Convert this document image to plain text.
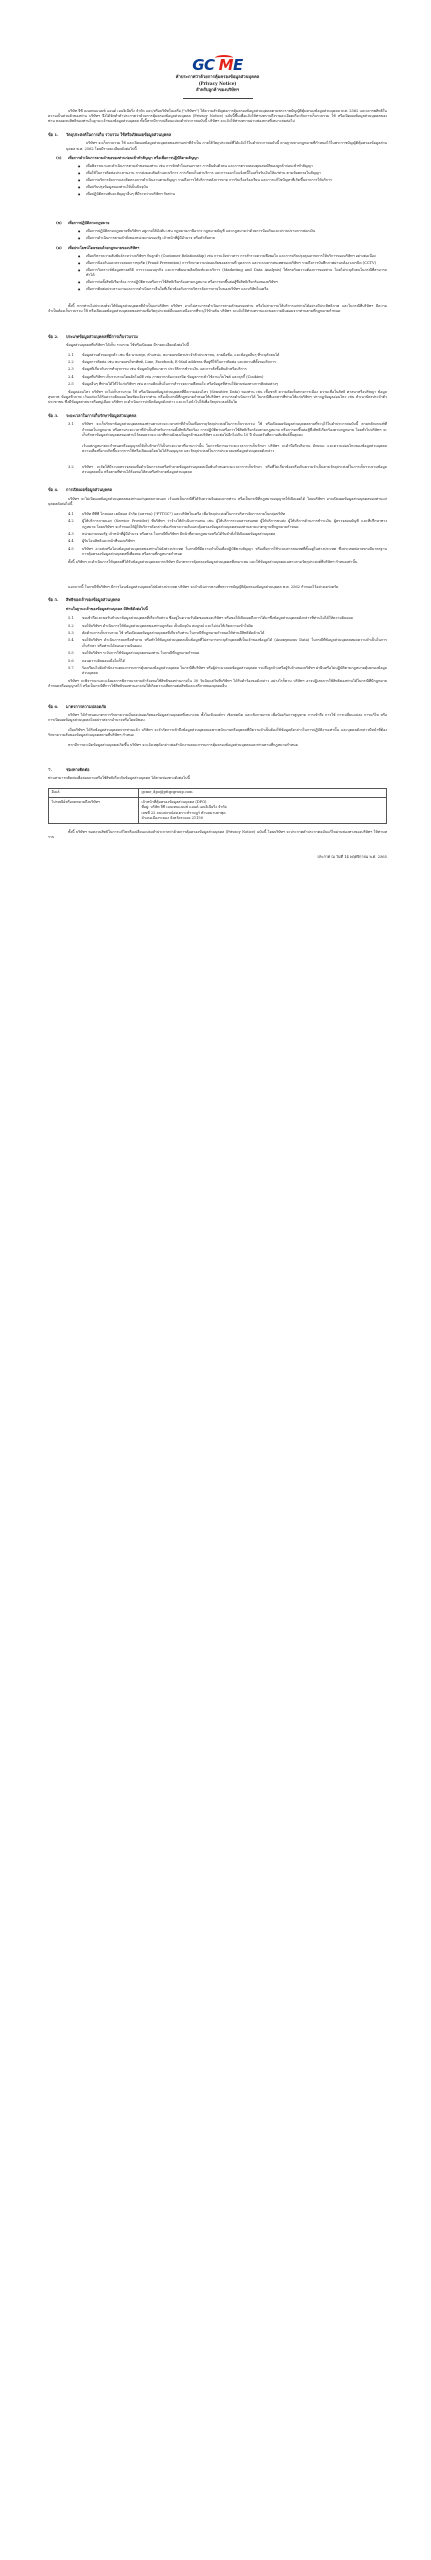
G C M E
คำประกาศว่าด้วยการคุ้มครองข้อมูลส่วนบุคคล
(Privacy Notice)
สำหรับลูกค้าของบริษัทฯ

บริษัท จีซี เมนเทนแนนซ์ แอนด์ เอนจิเนียริ่ง จำกัด และ/หรือบริษัทในเครือ ("บริษัทฯ") ให้ความสำคัญต่อการคุ้มครองข้อมูลส่วนบุคคลตามพระราชบัญญัติคุ้มครองข้อมูลส่วนบุคคล พ.ศ. 2562 และเคารพสิทธิในความเป็นส่วนตัวของท่าน บริษัทฯ จึงได้จัดทำคำประกาศว่าด้วยการคุ้มครองข้อมูลส่วนบุคคล (Privacy Notice) ฉบับนี้ขึ้นเพื่อแจ้งให้ท่านทราบถึงรายละเอียดเกี่ยวกับการเก็บรวบรวม ใช้ หรือเปิดเผยข้อมูลส่วนบุคคลของท่าน ตลอดจนสิทธิของท่านในฐานะเจ้าของข้อมูลส่วนบุคคล ทั้งนี้หากมีการเปลี่ยนแปลงคำประกาศฉบับนี้ บริษัทฯ จะแจ้งให้ท่านทราบผ่านช่องทางที่เหมาะสมต่อไป

ข้อ 1.	วัตถุประสงค์ในการเก็บ รวบรวม ใช้หรือเปิดเผยข้อมูลส่วนบุคคล

บริษัทฯ จะเก็บรวบรวม ใช้ และเปิดเผยข้อมูลส่วนบุคคลของท่านเท่าที่จำเป็น ภายใต้วัตถุประสงค์ที่ได้แจ้งไว้ในคำประกาศฉบับนี้ ตามฐานทางกฎหมายที่กำหนดไว้ในพระราชบัญญัติคุ้มครองข้อมูลส่วนบุคคล พ.ศ. 2562 โดยมีรายละเอียดดังต่อไปนี้

(ก)	เพื่อการดำเนินการตามคำขอของท่านก่อนเข้าทำสัญญา หรือเพื่อการปฏิบัติตามสัญญา
● เพื่อพิจารณาและดำเนินการตามคำขอของท่าน เช่น การจัดทำใบเสนอราคา การยืนยันตัวตน และการตรวจสอบคุณสมบัติของลูกค้าก่อนเข้าทำสัญญา
● เพื่อใช้ในการติดต่อประสานงาน การส่งมอบสินค้าและบริการ การเรียกเก็บค่าบริการ และการออกใบแจ้งหนี้ใบเสร็จรับเงินให้แก่ท่าน ตามข้อตกลงในสัญญา
● เพื่อการบริหารจัดการและติดตามการดำเนินงานตามสัญญา รวมถึงการให้บริการหลังการขาย การรับเรื่องร้องเรียน และการแก้ไขปัญหาที่เกิดขึ้นจากการให้บริการ
● เพื่อปรับปรุงข้อมูลของท่านให้เป็นปัจจุบัน
● เพื่อปฏิบัติตามพันธะสัญญาอื่นๆ ที่มีระหว่างบริษัทฯ กับท่าน
(ข)	เพื่อการปฏิบัติตามกฎหมาย
● เพื่อการปฏิบัติตามกฎหมายที่บริษัทฯ อยู่ภายใต้บังคับ เช่น กฎหมายภาษีอากร กฎหมายบัญชี และกฎหมายว่าด้วยการป้องกันและปราบปรามการฟอกเงิน
● เพื่อการดำเนินการตามคำสั่งของหน่วยงานของรัฐ เจ้าหน้าที่ผู้มีอำนาจ หรือคำสั่งศาล
(ค)	เพื่อประโยชน์โดยชอบด้วยกฎหมายของบริษัทฯ
● เพื่อบริหารความสัมพันธ์ระหว่างบริษัทฯ กับลูกค้า (Customer Relationship) เช่น การแจ้งข่าวสาร การสำรวจความพึงพอใจ และการปรับปรุงคุณภาพการให้บริการของบริษัทฯ อย่างต่อเนื่อง
● เพื่อการป้องกันและตรวจสอบการทุจริต (Fraud Prevention) การรักษาความปลอดภัยของสถานที่ บุคลากร และระบบสารสนเทศของบริษัทฯ รวมถึงการบันทึกภาพผ่านกล้องวงจรปิด (CCTV)
● เพื่อการวิเคราะห์ข้อมูลทางสถิติ การวางแผนธุรกิจ และการพัฒนาผลิตภัณฑ์และบริการ (Marketing and Data Analysis) ให้ตรงกับความต้องการของท่าน โดยไม่ระบุตัวตนในกรณีที่สามารถทำได้
● เพื่อการก่อตั้งสิทธิเรียกร้อง การปฏิบัติตามหรือการใช้สิทธิเรียกร้องตามกฎหมาย หรือการยกขึ้นต่อสู้ซึ่งสิทธิเรียกร้องของบริษัทฯ
● เพื่อการติดต่อประสานงานและการดำเนินการอื่นใดที่เกี่ยวข้องกับการบริหารจัดการภายในของบริษัทฯ และบริษัทในเครือ

ทั้งนี้ หากท่านไม่ประสงค์จะให้ข้อมูลส่วนบุคคลที่จำเป็นแก่บริษัทฯ บริษัทฯ อาจไม่สามารถดำเนินการตามคำขอของท่าน หรือไม่สามารถให้บริการแก่ท่านได้อย่างมีประสิทธิภาพ และในกรณีที่บริษัทฯ มีความจำเป็นต้องเก็บรวบรวม ใช้ หรือเปิดเผยข้อมูลส่วนบุคคลของท่านเพื่อวัตถุประสงค์อื่นนอกเหนือจากที่ระบุไว้ข้างต้น บริษัทฯ จะแจ้งให้ท่านทราบและขอความยินยอมจากท่านตามที่กฎหมายกำหนด

ข้อ 2.	ประเภทข้อมูลส่วนบุคคลที่มีการเก็บรวบรวม

ข้อมูลส่วนบุคคลที่บริษัทฯ ได้เก็บ รวบรวม ใช้หรือเปิดเผย มีรายละเอียดดังต่อไปนี้

2.1	ข้อมูลส่วนตัวของลูกค้า เช่น ชื่อ-นามสกุล, ตำแหน่ง, หมายเลขบัตรประจำตัวประชาชน, ลายมือชื่อ, และข้อมูลอื่นๆ ที่ระบุตัวตนได้
2.2	ข้อมูลการติดต่อ เช่น หมายเลขโทรศัพท์, Line, Facebook, E-Mail address ที่อยู่ที่ใช้ในการติดต่อ และสถานที่ตั้งของกิจการ
2.3	ข้อมูลที่เกี่ยวกับการทำธุรกรรม เช่น ข้อมูลบัญชีธนาคาร ประวัติการชำระเงิน และการสั่งซื้อสินค้าหรือบริการ
2.4	ข้อมูลที่บริษัทฯ เก็บรวบรวมโดยอัตโนมัติ เช่น ภาพจากกล้องวงจรปิด ข้อมูลการเข้าใช้งานเว็บไซต์ และคุกกี้ (Cookies)
2.5	ข้อมูลอื่นๆ ที่ท่านได้ให้ไว้แก่บริษัทฯ เช่น ความคิดเห็นในการสำรวจความพึงพอใจ หรือข้อมูลที่ท่านให้ผ่านช่องทางการติดต่อต่างๆ

ข้อมูลอ่อนไหว บริษัทฯ จะไม่เก็บรวบรวม ใช้ หรือเปิดเผยข้อมูลส่วนบุคคลที่มีความอ่อนไหว (Sensitive Data) ของท่าน เช่น เชื้อชาติ ความคิดเห็นทางการเมือง ความเชื่อในลัทธิ ศาสนาหรือปรัชญา ข้อมูลสุขภาพ ข้อมูลชีวภาพ เว้นแต่จะได้รับความยินยอมโดยชัดแจ้งจากท่าน หรือเป็นกรณีที่กฎหมายกำหนดให้บริษัทฯ สามารถดำเนินการได้ ในกรณีที่เอกสารที่ท่านให้แก่บริษัทฯ ปรากฏข้อมูลอ่อนไหว เช่น สำเนาบัตรประจำตัวประชาชน ซึ่งมีข้อมูลศาสนาหรือหมู่เลือด บริษัทฯ จะดำเนินการปกปิดข้อมูลดังกล่าว และจะไม่นำไปใช้เพื่อวัตถุประสงค์อื่นใด

ข้อ 3.	ระยะเวลาในการเก็บรักษาข้อมูลส่วนบุคคล
3.1	บริษัทฯ จะเก็บรักษาข้อมูลส่วนบุคคลของท่านตามระยะเวลาเท่าที่จำเป็นเพื่อบรรลุวัตถุประสงค์ในการเก็บรวบรวม ใช้ หรือเปิดเผยข้อมูลส่วนบุคคลตามที่ระบุไว้ในคำประกาศฉบับนี้ ตามหลักเกณฑ์ที่กำหนดในกฎหมาย หรือตามระยะเวลาที่จำเป็นสำหรับการก่อตั้งสิทธิเรียกร้อง การปฏิบัติตามหรือการใช้สิทธิเรียกร้องตามกฎหมาย หรือการยกขึ้นต่อสู้ซึ่งสิทธิเรียกร้องตามกฎหมาย โดยทั่วไปบริษัทฯ จะเก็บรักษาข้อมูลส่วนบุคคลของท่านไว้ตลอดระยะเวลาที่ท่านยังคงเป็นลูกค้าของบริษัทฯ และต่อไปอีกไม่เกิน 10 ปี นับแต่วันที่ความสัมพันธ์สิ้นสุดลง

เว้นแต่กฎหมายจะกำหนดหรืออนุญาตให้เก็บรักษาไว้เป็นระยะเวลาที่นานกว่านั้น ในการพิจารณาระยะเวลาการเก็บรักษา บริษัทฯ จะคำนึงถึงปริมาณ ลักษณะ และความอ่อนไหวของข้อมูลส่วนบุคคล ความเสี่ยงที่อาจเกิดขึ้นจากการใช้หรือเปิดเผยโดยไม่ได้รับอนุญาต และวัตถุประสงค์ในการประมวลผลข้อมูลส่วนบุคคลดังกล่าว
3.2	บริษัทฯ จะจัดให้มีระบบตรวจสอบเพื่อดำเนินการลบหรือทำลายข้อมูลส่วนบุคคลเมื่อพ้นกำหนดระยะเวลาการเก็บรักษา หรือที่ไม่เกี่ยวข้องหรือเกินความจำเป็นตามวัตถุประสงค์ในการเก็บรวบรวมข้อมูลส่วนบุคคลนั้น หรือตามที่ท่านได้ร้องขอให้ลบหรือทำลายข้อมูลส่วนบุคคล
ข้อ 4.	การเปิดเผยข้อมูลส่วนบุคคล

บริษัทฯ จะไม่เปิดเผยข้อมูลส่วนบุคคลของท่านแก่บุคคลภายนอก เว้นแต่เป็นกรณีที่ได้รับความยินยอมจากท่าน หรือเป็นกรณีที่กฎหมายอนุญาตให้เปิดเผยได้ โดยบริษัทฯ อาจเปิดเผยข้อมูลส่วนบุคคลของท่านแก่บุคคลดังต่อไปนี้

4.1	บริษัท พีทีที โกลบอล เคมิคอล จำกัด (มหาชน) ("PTTGC") และบริษัทในเครือ เพื่อวัตถุประสงค์ในการบริหารจัดการภายในกลุ่มบริษัท
4.2	ผู้ให้บริการภายนอก (Service Provider) ที่บริษัทฯ ว่าจ้างให้ดำเนินการแทน เช่น ผู้ให้บริการระบบสารสนเทศ ผู้ให้บริการขนส่ง ผู้ให้บริการด้านการชำระเงิน ผู้ตรวจสอบบัญชี และที่ปรึกษาทางกฎหมาย โดยบริษัทฯ จะกำหนดให้ผู้ให้บริการดังกล่าวต้องรักษาความลับและคุ้มครองข้อมูลส่วนบุคคลของท่านตามมาตรฐานที่กฎหมายกำหนด
4.3	หน่วยงานของรัฐ เจ้าหน้าที่ผู้มีอำนาจ หรือศาล ในกรณีที่บริษัทฯ มีหน้าที่ตามกฎหมายหรือได้รับคำสั่งให้เปิดเผยข้อมูลส่วนบุคคล
4.4	ผู้รับโอนสิทธิและหน้าที่ของบริษัทฯ
4.5	บริษัทฯ อาจส่งหรือโอนข้อมูลส่วนบุคคลของท่านไปยังต่างประเทศ ในกรณีที่มีความจำเป็นเพื่อปฏิบัติตามสัญญา หรือเพื่อการใช้ระบบสารสนเทศที่ตั้งอยู่ในต่างประเทศ ซึ่งประเทศปลายทางมีมาตรฐานการคุ้มครองข้อมูลส่วนบุคคลที่เพียงพอ หรือตามที่กฎหมายกำหนด

ทั้งนี้ บริษัทฯ จะดำเนินการให้บุคคลที่ได้รับข้อมูลส่วนบุคคลจากบริษัทฯ มีมาตรการคุ้มครองข้อมูลส่วนบุคคลที่เหมาะสม และใช้ข้อมูลส่วนบุคคลเฉพาะตามวัตถุประสงค์ที่บริษัทฯ กำหนดเท่านั้น

นอกจากนี้ ในกรณีที่บริษัทฯ มีการโอนข้อมูลส่วนบุคคลไปยังต่างประเทศ บริษัทฯ จะดำเนินการตามที่พระราชบัญญัติคุ้มครองข้อมูลส่วนบุคคล พ.ศ. 2562 กำหนดไว้อย่างเคร่งครัด

ข้อ 5.	สิทธิของเจ้าของข้อมูลส่วนบุคคล

ท่านในฐานะเจ้าของข้อมูลส่วนบุคคล มีสิทธิดังต่อไปนี้

5.1	ขอเข้าถึงและขอรับสำเนาข้อมูลส่วนบุคคลที่เกี่ยวกับท่าน ซึ่งอยู่ในความรับผิดชอบของบริษัทฯ หรือขอให้เปิดเผยถึงการได้มาซึ่งข้อมูลส่วนบุคคลดังกล่าวที่ท่านไม่ได้ให้ความยินยอม
5.2	ขอให้บริษัทฯ ดำเนินการให้ข้อมูลส่วนบุคคลของท่านถูกต้อง เป็นปัจจุบัน สมบูรณ์ และไม่ก่อให้เกิดความเข้าใจผิด
5.3	คัดค้านการเก็บรวบรวม ใช้ หรือเปิดเผยข้อมูลส่วนบุคคลที่เกี่ยวกับท่าน ในกรณีที่กฎหมายกำหนดให้ท่านมีสิทธิคัดค้านได้
5.4	ขอให้บริษัทฯ ดำเนินการลบหรือทำลาย หรือทำให้ข้อมูลส่วนบุคคลเป็นข้อมูลที่ไม่สามารถระบุตัวบุคคลที่เป็นเจ้าของข้อมูลได้ (Anonymous Data) ในกรณีที่ข้อมูลส่วนบุคคลหมดความจำเป็นในการเก็บรักษา หรือท่านได้ถอนความยินยอม
5.5	ขอให้บริษัทฯ ระงับการใช้ข้อมูลส่วนบุคคลของท่าน ในกรณีที่กฎหมายกำหนด
5.6	ถอนความยินยอมเมื่อใดก็ได้
5.7	ร้องเรียนไปยังสำนักงานคณะกรรมการคุ้มครองข้อมูลส่วนบุคคล ในกรณีที่บริษัทฯ หรือผู้ประมวลผลข้อมูลส่วนบุคคล รวมถึงลูกจ้างหรือผู้รับจ้างของบริษัทฯ ฝ่าฝืนหรือไม่ปฏิบัติตามกฎหมายคุ้มครองข้อมูลส่วนบุคคล

บริษัทฯ จะพิจารณาและแจ้งผลการพิจารณาตามคำร้องขอใช้สิทธิของท่านภายใน 30 วันนับแต่วันที่บริษัทฯ ได้รับคำร้องขอดังกล่าว อย่างไรก็ตาม บริษัทฯ อาจปฏิเสธการใช้สิทธิของท่านได้ในกรณีที่มีกฎหมายกำหนดหรืออนุญาตไว้ หรือเป็นกรณีที่การใช้สิทธิของท่านอาจก่อให้เกิดความเสียหายต่อสิทธิและเสรีภาพของบุคคลอื่น

ข้อ 6.	มาตรการความปลอดภัย

บริษัทฯ ได้กำหนดมาตรการรักษาความมั่นคงปลอดภัยของข้อมูลส่วนบุคคลที่เหมาะสม ทั้งในเชิงองค์กร เชิงเทคนิค และเชิงกายภาพ เพื่อป้องกันการสูญหาย การเข้าถึง การใช้ การเปลี่ยนแปลง การแก้ไข หรือการเปิดเผยข้อมูลส่วนบุคคลโดยปราศจากอำนาจหรือโดยมิชอบ

เมื่อบริษัทฯ ได้รับข้อมูลส่วนบุคคลจากท่านแล้ว บริษัทฯ จะจำกัดการเข้าถึงข้อมูลส่วนบุคคลเฉพาะพนักงานหรือบุคคลที่มีความจำเป็นต้องใช้ข้อมูลดังกล่าวในการปฏิบัติงานเท่านั้น และบุคคลดังกล่าวมีหน้าที่ต้องรักษาความลับของข้อมูลส่วนบุคคลตามที่บริษัทฯ กำหนด

หากมีการละเมิดข้อมูลส่วนบุคคลเกิดขึ้น บริษัทฯ จะแจ้งเหตุดังกล่าวต่อสำนักงานคณะกรรมการคุ้มครองข้อมูลส่วนบุคคลและท่านตามที่กฎหมายกำหนด

7.	ช่องทางติดต่อ

ท่านสามารถติดต่อเพื่อสอบถามหรือใช้สิทธิเกี่ยวกับข้อมูลส่วนบุคคล ได้ตามช่องทางดังต่อไปนี้

อีเมล์	gcme_dpo@pttgcgroup.com
ไปรษณีย์หรือจดหมายถึงบริษัทฯ	เจ้าหน้าที่คุ้มครองข้อมูลส่วนบุคคล (DPO)
ที่อยู่: บริษัท จีซี เมนเทนแนนซ์ แอนด์ เอนจิเนียริ่ง จำกัด
เลขที่ 22 ถนนปกรณ์สงเคราะห์ราษฎร์ ตำบลมาบตาพุด
อำเภอเมืองระยอง จังหวัดระยอง 21150

ทั้งนี้ บริษัทฯ ขอสงวนสิทธิในการแก้ไขหรือเปลี่ยนแปลงคำประกาศว่าด้วยการคุ้มครองข้อมูลส่วนบุคคล (Privacy Notice) ฉบับนี้ โดยบริษัทฯ จะประกาศคำประกาศฉบับแก้ไขผ่านช่องทางของบริษัทฯ ให้ท่านทราบ

ประกาศ ณ วันที่ 14 พฤศจิกายน พ.ศ. 2565
